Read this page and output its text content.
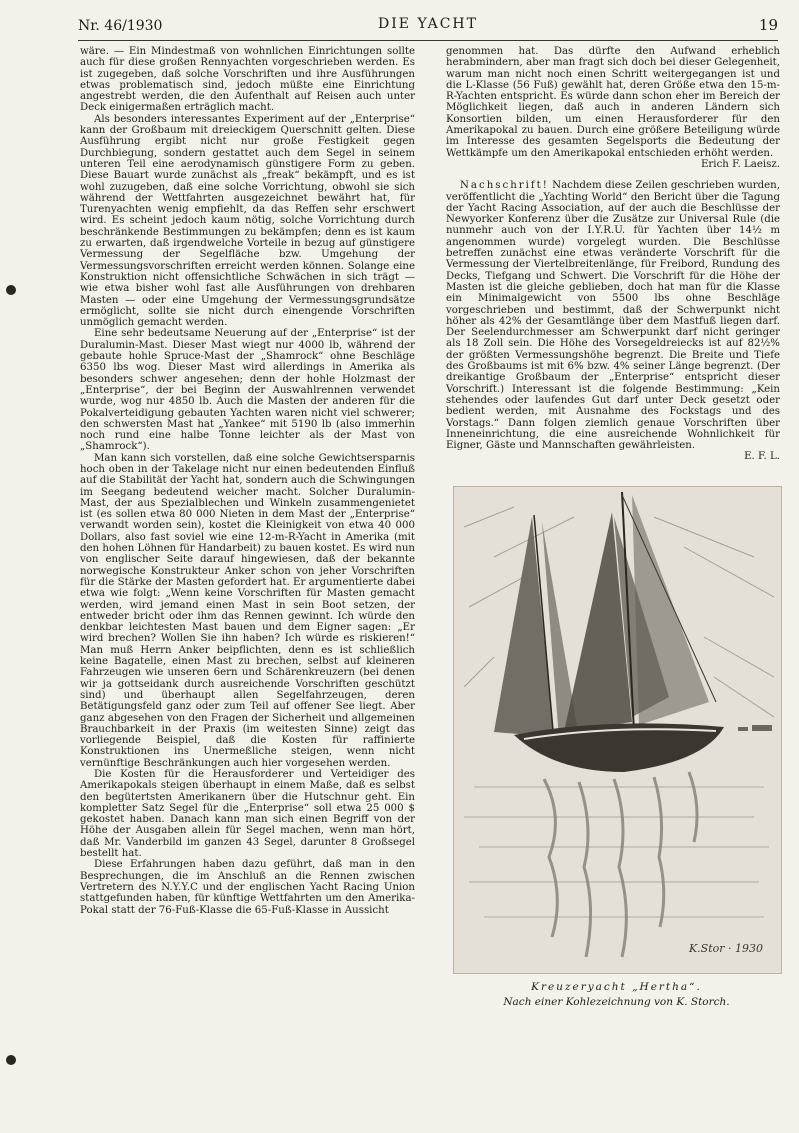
Nr. 46/1930	DIE YACHT	19

wäre. — Ein Mindestmaß von wohnlichen Einrichtungen sollte auch für diese großen Rennyachten vorgeschrieben werden. Es ist zugegeben, daß solche Vorschriften und ihre Ausführungen etwas problematisch sind, jedoch müßte eine Einrichtung angestrebt werden, die den Aufenthalt auf Reisen auch unter Deck einigermaßen erträglich macht.

Als besonders interessantes Experiment auf der „Enterprise“ kann der Großbaum mit dreieckigem Querschnitt gelten. Diese Ausführung ergibt nicht nur große Festigkeit gegen Durchbiegung, sondern gestattet auch dem Segel in seinem unteren Teil eine aerodynamisch günstigere Form zu geben. Diese Bauart wurde zunächst als „freak“ bekämpft, und es ist wohl zuzugeben, daß eine solche Vorrichtung, obwohl sie sich während der Wettfahrten ausgezeichnet bewährt hat, für Turenyachten wenig empfiehlt, da das Reffen sehr erschwert wird. Es scheint jedoch kaum nötig, solche Vorrichtung durch beschränkende Bestimmungen zu bekämpfen; denn es ist kaum zu erwarten, daß irgendwelche Vorteile in bezug auf günstigere Vermessung der Segelfläche bzw. Umgehung der Vermessungsvorschriften erreicht werden können. Solange eine Konstruktion nicht offensichtliche Schwächen in sich trägt — wie etwa bisher wohl fast alle Ausführungen von drehbaren Masten — oder eine Umgehung der Vermessungsgrundsätze ermöglicht, sollte sie nicht durch einengende Vorschriften unmöglich gemacht werden.

Eine sehr bedeutsame Neuerung auf der „Enterprise“ ist der Duralumin-Mast. Dieser Mast wiegt nur 4000 lb, während der gebaute hohle Spruce-Mast der „Shamrock“ ohne Beschläge 6350 lbs wog. Dieser Mast wird allerdings in Amerika als besonders schwer angesehen; denn der hohle Holzmast der „Enterprise“, der bei Beginn der Auswahlrennen verwendet wurde, wog nur 4850 lb. Auch die Masten der anderen für die Pokalverteidigung gebauten Yachten waren nicht viel schwerer; den schwersten Mast hat „Yankee“ mit 5190 lb (also immerhin noch rund eine halbe Tonne leichter als der Mast von „Shamrock“).

Man kann sich vorstellen, daß eine solche Gewichtsersparnis hoch oben in der Takelage nicht nur einen bedeutenden Einfluß auf die Stabilität der Yacht hat, sondern auch die Schwingungen im Seegang bedeutend weicher macht. Solcher Duralumin-Mast, der aus Spezialblechen und Winkeln zusammengenietet ist (es sollen etwa 80 000 Nieten in dem Mast der „Enterprise“ verwandt worden sein), kostet die Kleinigkeit von etwa 40 000 Dollars, also fast soviel wie eine 12-m-R-Yacht in Amerika (mit den hohen Löhnen für Handarbeit) zu bauen kostet. Es wird nun von englischer Seite darauf hingewiesen, daß der bekannte norwegische Konstrukteur Anker schon von jeher Vorschriften für die Stärke der Masten gefordert hat. Er argumentierte dabei etwa wie folgt: „Wenn keine Vorschriften für Masten gemacht werden, wird jemand einen Mast in sein Boot setzen, der entweder bricht oder ihm das Rennen gewinnt. Ich würde den denkbar leichtesten Mast bauen und dem Eigner sagen: „Er wird brechen? Wollen Sie ihn haben? Ich würde es riskieren!“ Man muß Herrn Anker beipflichten, denn es ist schließlich keine Bagatelle, einen Mast zu brechen, selbst auf kleineren Fahrzeugen wie unseren 6ern und Schärenkreuzern (bei denen wir ja gottseidank durch ausreichende Vorschriften geschützt sind) und überhaupt allen Segelfahrzeugen, deren Betätigungsfeld ganz oder zum Teil auf offener See liegt. Aber ganz abgesehen von den Fragen der Sicherheit und allgemeinen Brauchbarkeit in der Praxis (im weitesten Sinne) zeigt das vorliegende Beispiel, daß die Kosten für raffinierte Konstruktionen ins Unermeßliche steigen, wenn nicht vernünftige Beschränkungen auch hier vorgesehen werden.

Die Kosten für die Herausforderer und Verteidiger des Amerikapokals steigen überhaupt in einem Maße, daß es selbst den begütertsten Amerikanern über die Hutschnur geht. Ein kompletter Satz Segel für die „Enterprise“ soll etwa 25 000 $ gekostet haben. Danach kann man sich einen Begriff von der Höhe der Ausgaben allein für Segel machen, wenn man hört, daß Mr. Vanderbild im ganzen 43 Segel, darunter 8 Großsegel bestellt hat.

Diese Erfahrungen haben dazu geführt, daß man in den Besprechungen, die im Anschluß an die Rennen zwischen Vertretern des N.Y.Y.C und der englischen Yacht Racing Union stattgefunden haben, für künftige Wettfahrten um den Amerika-Pokal statt der 76-Fuß-Klasse die 65-Fuß-Klasse in Aussicht

genommen hat. Das dürfte den Aufwand erheblich herabmindern, aber man fragt sich doch bei dieser Gelegenheit, warum man nicht noch einen Schritt weitergegangen ist und die L-Klasse (56 Fuß) gewählt hat, deren Größe etwa den 15-m-R-Yachten entspricht. Es würde dann schon eher im Bereich der Möglichkeit liegen, daß auch in anderen Ländern sich Konsortien bilden, um einen Herausforderer für den Amerikapokal zu bauen. Durch eine größere Beteiligung würde im Interesse des gesamten Segelsports die Bedeutung der Wettkämpfe um den Amerikapokal entschieden erhöht werden.

Erich F. Laeisz.

Nachschrift! Nachdem diese Zeilen geschrieben wurden, veröffentlicht die „Yachting World“ den Bericht über die Tagung der Yacht Racing Association, auf der auch die Beschlüsse der Newyorker Konferenz über die Zusätze zur Universal Rule (die nunmehr auch von der I.Y.R.U. für Yachten über 14½ m angenommen wurde) vorgelegt wurden. Die Beschlüsse betreffen zunächst eine etwas veränderte Vorschrift für die Vermessung der Viertelbreitenlänge, für Freibord, Rundung des Decks, Tiefgang und Schwert. Die Vorschrift für die Höhe der Masten ist die gleiche geblieben, doch hat man für die Klasse ein Minimalgewicht von 5500 lbs ohne Beschläge vorgeschrieben und bestimmt, daß der Schwerpunkt nicht höher als 42% der Gesamtlänge über dem Mastfuß liegen darf. Der Seelendurchmesser am Schwerpunkt darf nicht geringer als 18 Zoll sein. Die Höhe des Vorsegeldreiecks ist auf 82½% der größten Vermessungshöhe begrenzt. Die Breite und Tiefe des Großbaums ist mit 6% bzw. 4% seiner Länge begrenzt. (Der dreikantige Großbaum der „Enterprise“ entspricht dieser Vorschrift.) Interessant ist die folgende Bestimmung: „Kein stehendes oder laufendes Gut darf unter Deck gesetzt oder bedient werden, mit Ausnahme des Fockstags und des Vorstags.“ Dann folgen ziemlich genaue Vorschriften über Inneneinrichtung, die eine ausreichende Wohnlichkeit für Eigner, Gäste und Mannschaften gewährleisten.

E. F. L.
K.Stor · 1930
Kreuzeryacht „Hertha“.
Nach einer Kohlezeichnung von K. Storch.
